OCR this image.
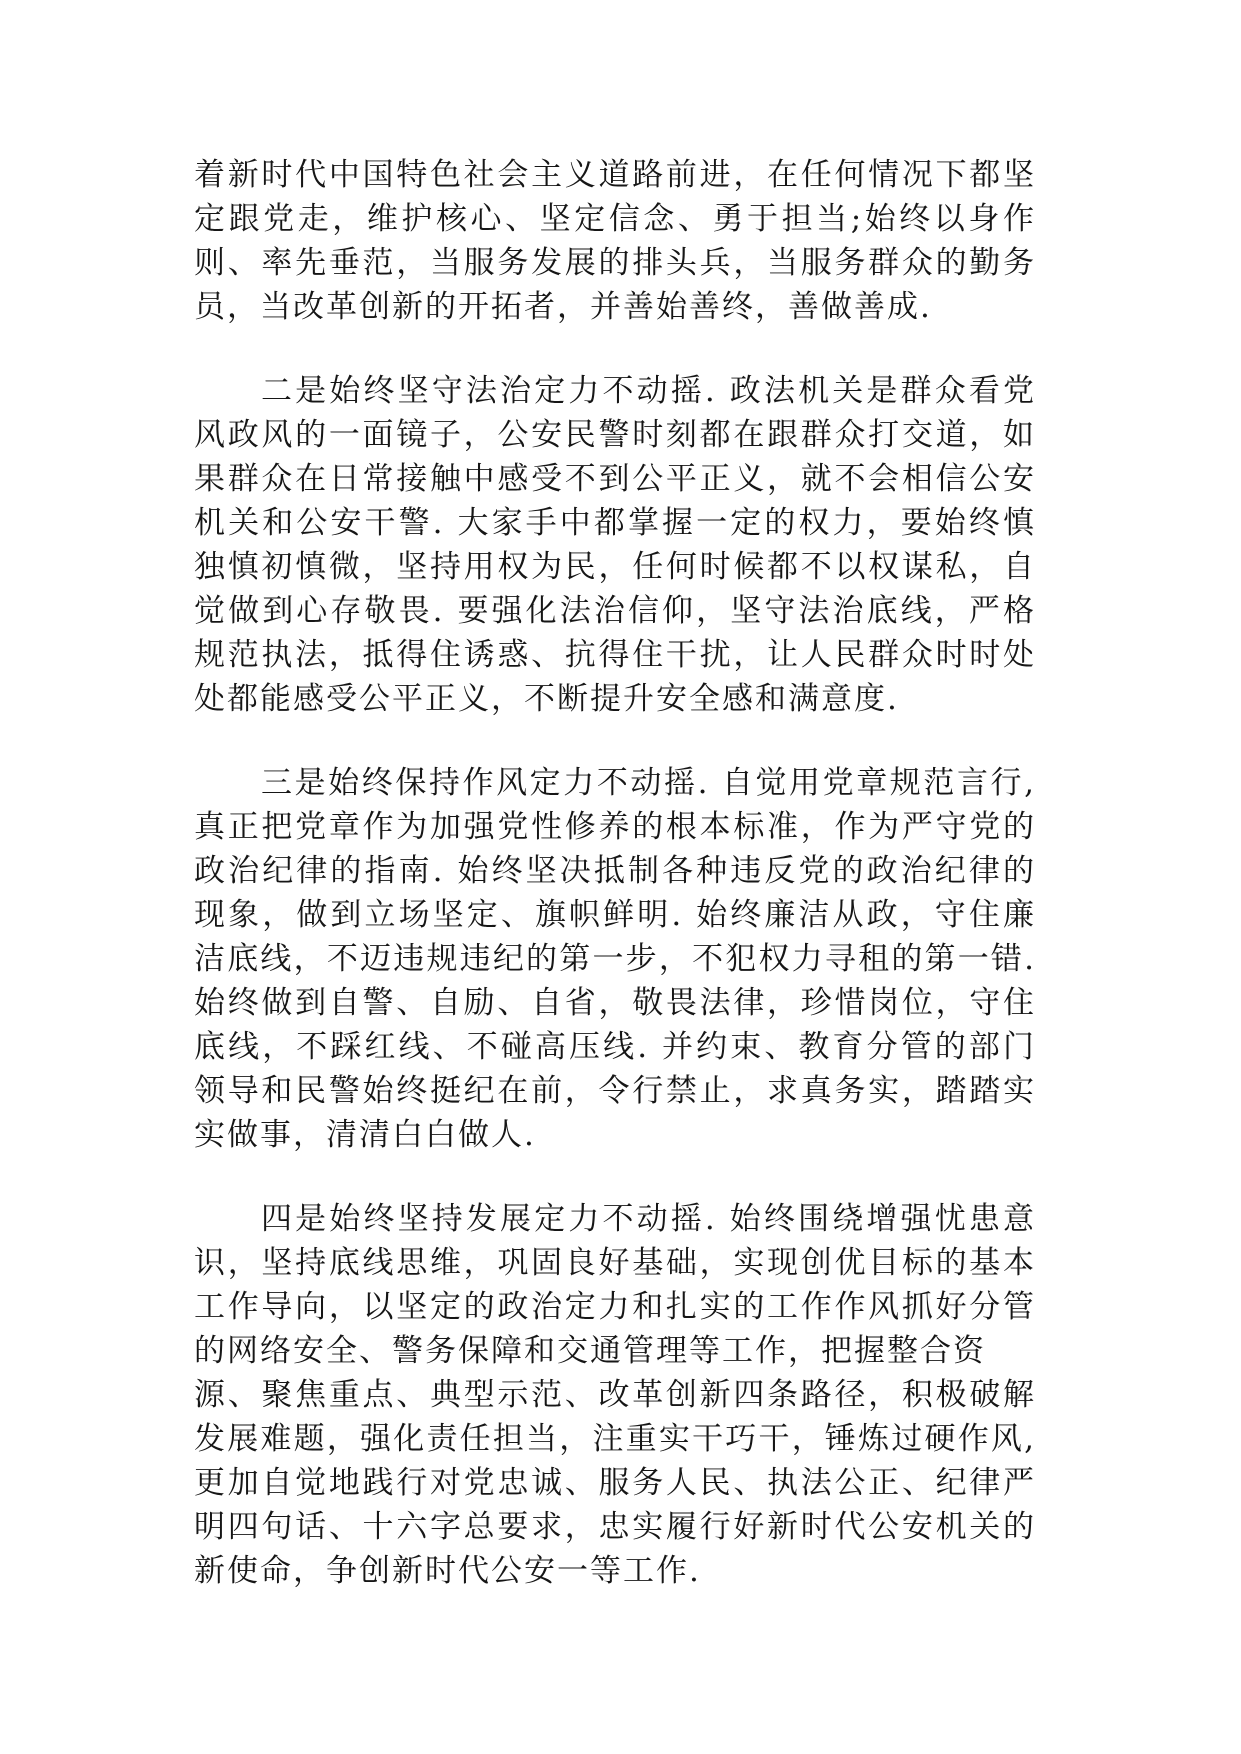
着新时代中国特色社会主义道路前进，在任何情况下都坚
定跟党走，维护核心、坚定信念、勇于担当;始终以身作
则、率先垂范，当服务发展的排头兵，当服务群众的勤务
员，当改革创新的开拓者，并善始善终，善做善成.
二是始终坚守法治定力不动摇. 政法机关是群众看党
风政风的一面镜子，公安民警时刻都在跟群众打交道，如
果群众在日常接触中感受不到公平正义，就不会相信公安
机关和公安干警. 大家手中都掌握一定的权力，要始终慎
独慎初慎微，坚持用权为民，任何时候都不以权谋私，自
觉做到心存敬畏. 要强化法治信仰，坚守法治底线，严格
规范执法，抵得住诱惑、抗得住干扰，让人民群众时时处
处都能感受公平正义，不断提升安全感和满意度.
三是始终保持作风定力不动摇. 自觉用党章规范言行,
真正把党章作为加强党性修养的根本标准，作为严守党的
政治纪律的指南. 始终坚决抵制各种违反党的政治纪律的
现象，做到立场坚定、旗帜鲜明. 始终廉洁从政，守住廉
洁底线，不迈违规违纪的第一步，不犯权力寻租的第一错.
始终做到自警、自励、自省，敬畏法律，珍惜岗位，守住
底线，不踩红线、不碰高压线. 并约束、教育分管的部门
领导和民警始终挺纪在前，令行禁止，求真务实，踏踏实
实做事，清清白白做人.
四是始终坚持发展定力不动摇. 始终围绕增强忧患意
识，坚持底线思维，巩固良好基础，实现创优目标的基本
工作导向，以坚定的政治定力和扎实的工作作风抓好分管
的网络安全、警务保障和交通管理等工作，把握整合资
源、聚焦重点、典型示范、改革创新四条路径，积极破解
发展难题，强化责任担当，注重实干巧干，锤炼过硬作风,
更加自觉地践行对党忠诚、服务人民、执法公正、纪律严
明四句话、十六字总要求，忠实履行好新时代公安机关的
新使命，争创新时代公安一等工作.
